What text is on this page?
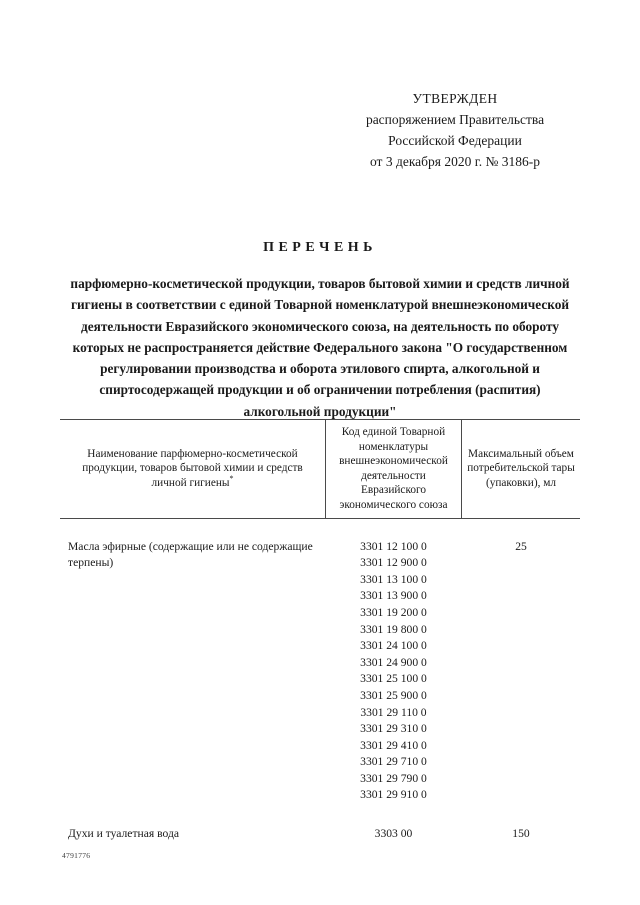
УТВЕРЖДЕН
распоряжением Правительства
Российской Федерации
от 3 декабря 2020 г. № 3186-р
ПЕРЕЧЕНЬ
парфюмерно-косметической продукции, товаров бытовой химии и средств личной гигиены в соответствии с единой Товарной номенклатурой внешнеэкономической деятельности Евразийского экономического союза, на деятельность по обороту которых не распространяется действие Федерального закона "О государственном регулировании производства и оборота этилового спирта, алкогольной и спиртосодержащей продукции и об ограничении потребления (распития) алкогольной продукции"
Наименование парфюмерно-косметической продукции, товаров бытовой химии и средств личной гигиены*
Код единой Товарной номенклатуры внешнеэкономической деятельности Евразийского экономического союза
Максимальный объем потребительской тары (упаковки), мл
Масла эфирные (содержащие или не содержащие терпены)
3301 12 100 0
3301 12 900 0
3301 13 100 0
3301 13 900 0
3301 19 200 0
3301 19 800 0
3301 24 100 0
3301 24 900 0
3301 25 100 0
3301 25 900 0
3301 29 110 0
3301 29 310 0
3301 29 410 0
3301 29 710 0
3301 29 790 0
3301 29 910 0
25
Духи и туалетная вода	3303 00	150
4791776
